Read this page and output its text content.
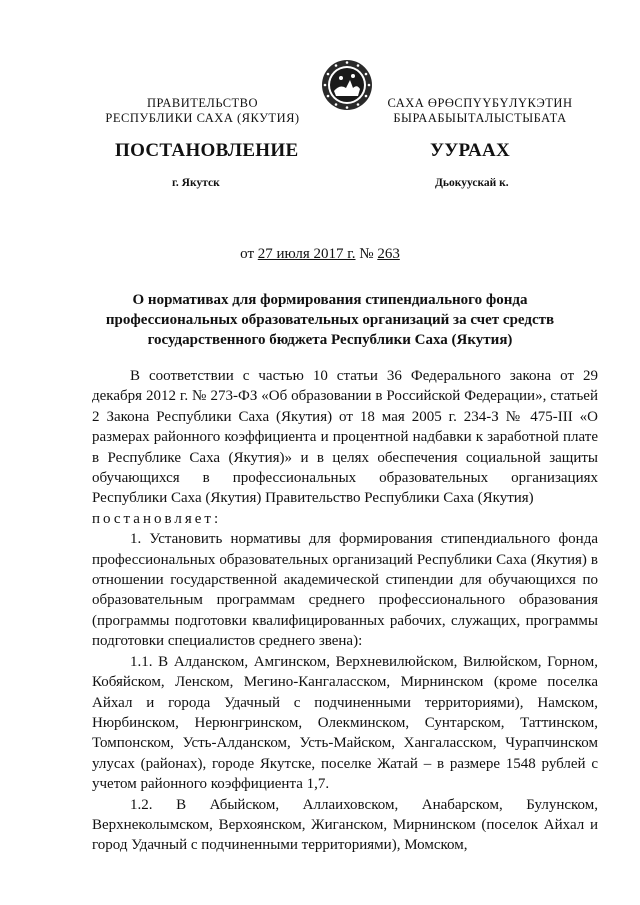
ПРАВИТЕЛЬСТВО
РЕСПУБЛИКИ САХА (ЯКУТИЯ)
САХА ӨРӨСПҮҮБҮЛҮКЭТИН
БЫРААБЫЫТАЛЫСТЫБАТА
ПОСТАНОВЛЕНИЕ	УУРААХ
г. Якутск	Дьокуускай к.
от 27 июля 2017 г. № 263
О нормативах для формирования стипендиального фонда
профессиональных образовательных организаций за счет средств
государственного бюджета Республики Саха (Якутия)

В соответствии с частью 10 статьи 36 Федерального закона от 29 декабря 2012 г. № 273-ФЗ «Об образовании в Российской Федерации», статьей 2 Закона Республики Саха (Якутия) от 18 мая 2005 г. 234-З № 475-III «О размерах районного коэффициента и процентной надбавки к заработной плате в Республике Саха (Якутия)» и в целях обеспечения социальной защиты обучающихся в профессиональных образовательных организациях Республики Саха (Якутия) Правительство Республики Саха (Якутия)

постановляет:

1. Установить нормативы для формирования стипендиального фонда профессиональных образовательных организаций Республики Саха (Якутия) в отношении государственной академической стипендии для обучающихся по образовательным программам среднего профессионального образования (программы подготовки квалифицированных рабочих, служащих, программы подготовки специалистов среднего звена):

1.1. В Алданском, Амгинском, Верхневилюйском, Вилюйском, Горном, Кобяйском, Ленском, Мегино-Кангаласском, Мирнинском (кроме поселка Айхал и города Удачный с подчиненными территориями), Намском, Нюрбинском, Нерюнгринском, Олекминском, Сунтарском, Таттинском, Томпонском, Усть-Алданском, Усть-Майском, Хангаласском, Чурапчинском улусах (районах), городе Якутске, поселке Жатай – в размере 1548 рублей с учетом районного коэффициента 1,7.

1.2. В Абыйском, Аллаиховском, Анабарском, Булунском, Верхнеколымском, Верхоянском, Жиганском, Мирнинском (поселок Айхал и город Удачный с подчиненными территориями), Момском,
